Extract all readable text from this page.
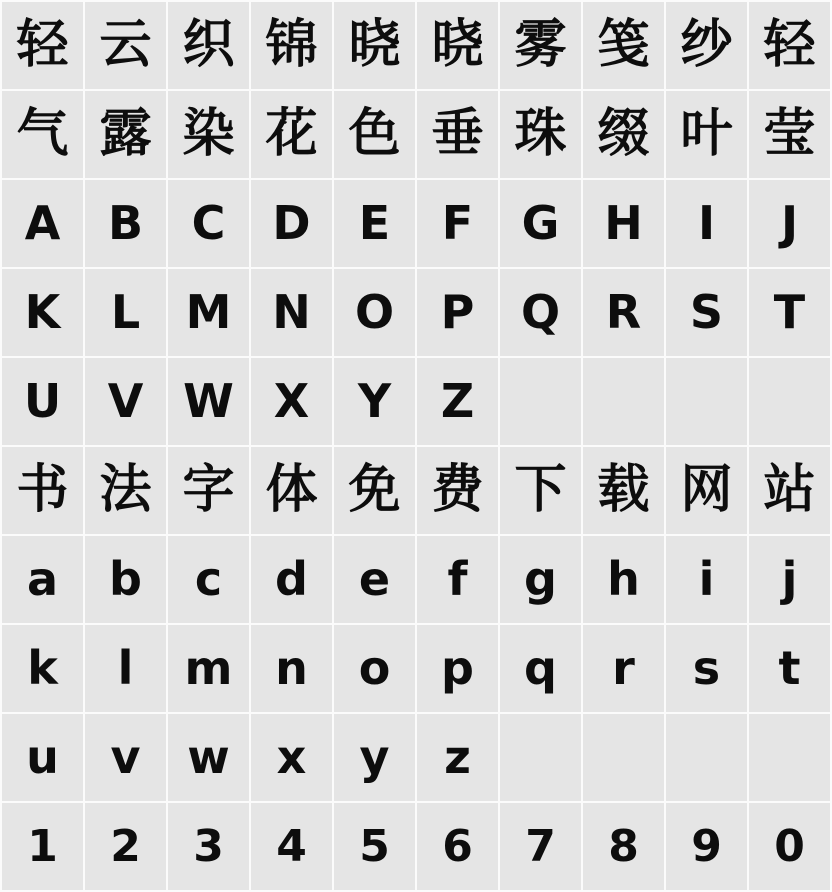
轻 云 织 锦 晓 晓 雾 笺 纱 轻
气 露 染 花 色 垂 珠 缀 叶 莹
A	B	C	D	E	F	G H	I	J
K	L M N O	P	Q R	S	T
U	V W X	Y	Z
书 法 字 体 免 费 下 载 网 站
a	b	c	d	e	f	g	h	i	j
k	l	m n	o	p	q	r	s	t
u	v	w	x	y	z
1	2	3	4	5	6	7	8	9	0
